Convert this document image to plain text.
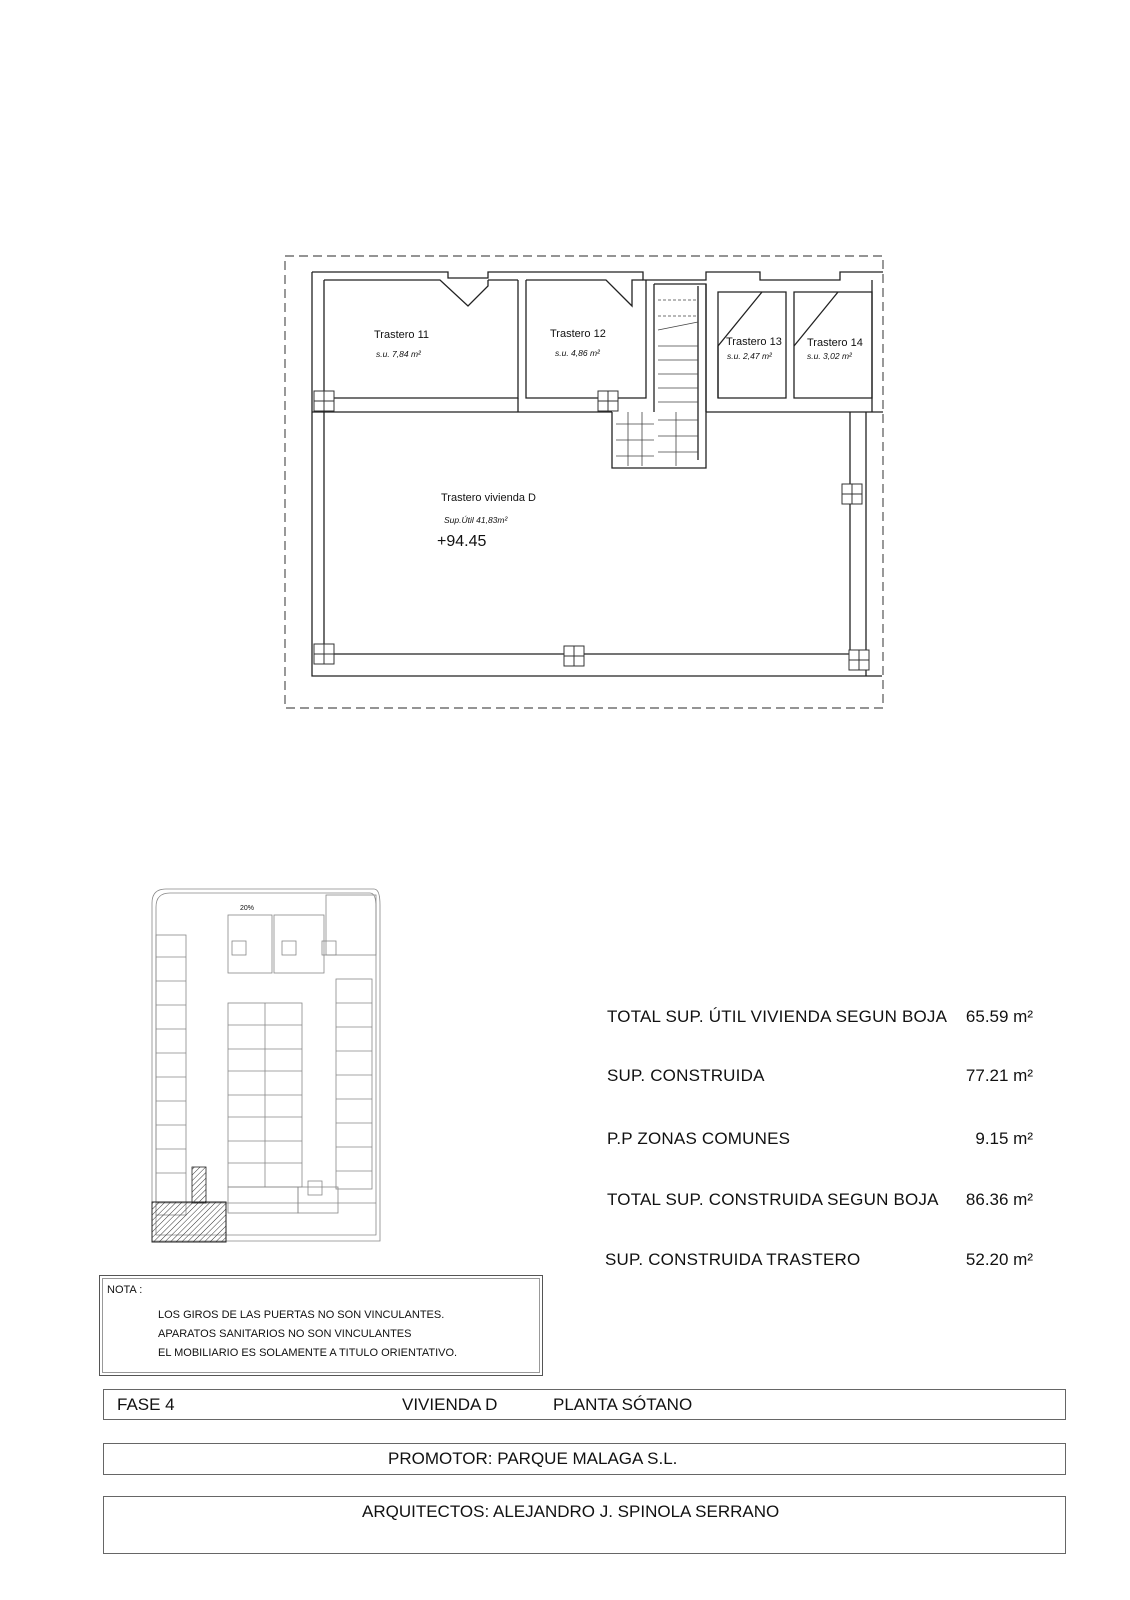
Trastero 11
s.u. 7,84 m²
Trastero 12
s.u. 4,86 m²
Trastero 13
s.u. 2,47 m²
Trastero 14
s.u. 3,02 m²
Trastero vivienda D
Sup.Útil 41,83m²
+94.45
20%
TOTAL SUP. ÚTIL VIVIENDA SEGUN BOJA 65.59 m²
SUP. CONSTRUIDA	77.21 m²
P.P ZONAS COMUNES	9.15 m²
TOTAL SUP. CONSTRUIDA SEGUN BOJA 86.36 m²
SUP. CONSTRUIDA TRASTERO	52.20 m²
NOTA :
LOS GIROS DE LAS PUERTAS NO SON VINCULANTES.
APARATOS SANITARIOS NO SON VINCULANTES
EL MOBILIARIO ES SOLAMENTE A TITULO ORIENTATIVO.
FASE 4	VIVIENDA D	PLANTA SÓTANO
PROMOTOR: PARQUE MALAGA S.L.
ARQUITECTOS: ALEJANDRO J. SPINOLA SERRANO
